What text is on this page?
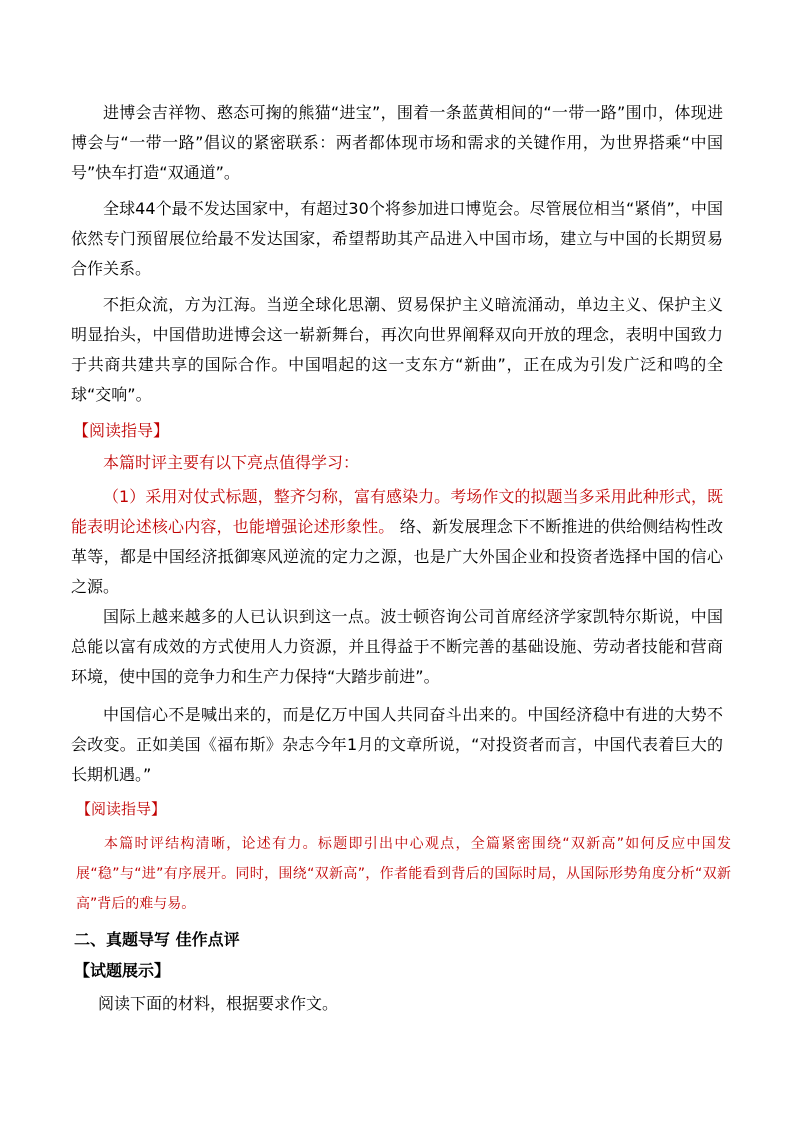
进博会吉祥物、憨态可掬的熊猫“进宝”，围着一条蓝黄相间的“一带一路”围巾，体现进博会与“一带一路”倡议的紧密联系：两者都体现市场和需求的关键作用，为世界搭乘“中国号”快车打造“双通道”。

全球44个最不发达国家中，有超过30个将参加进口博览会。尽管展位相当“紧俏”，中国依然专门预留展位给最不发达国家，希望帮助其产品进入中国市场，建立与中国的长期贸易合作关系。

不拒众流，方为江海。当逆全球化思潮、贸易保护主义暗流涌动，单边主义、保护主义明显抬头，中国借助进博会这一崭新舞台，再次向世界阐释双向开放的理念，表明中国致力于共商共建共享的国际合作。中国唱起的这一支东方“新曲”，正在成为引发广泛和鸣的全球“交响”。

【阅读指导】

本篇时评主要有以下亮点值得学习：

（1）采用对仗式标题，整齐匀称，富有感染力。考场作文的拟题当多采用此种形式，既能表明论述核心内容，也能增强论述形象性。 络、新发展理念下不断推进的供给侧结构性改革等，都是中国经济抵御寒风逆流的定力之源，也是广大外国企业和投资者选择中国的信心之源。

国际上越来越多的人已认识到这一点。波士顿咨询公司首席经济学家凯特尔斯说，中国总能以富有成效的方式使用人力资源，并且得益于不断完善的基础设施、劳动者技能和营商环境，使中国的竞争力和生产力保持“大踏步前进”。

中国信心不是喊出来的，而是亿万中国人共同奋斗出来的。中国经济稳中有进的大势不会改变。正如美国《福布斯》杂志今年1月的文章所说，“对投资者而言，中国代表着巨大的长期机遇。”

【阅读指导】

本篇时评结构清晰，论述有力。标题即引出中心观点，全篇紧密围绕“双新高”如何反应中国发展“稳”与“进”有序展开。同时，围绕“双新高”，作者能看到背后的国际时局，从国际形势角度分析“双新高”背后的难与易。

二、真题导写 佳作点评

【试题展示】

阅读下面的材料，根据要求作文。
